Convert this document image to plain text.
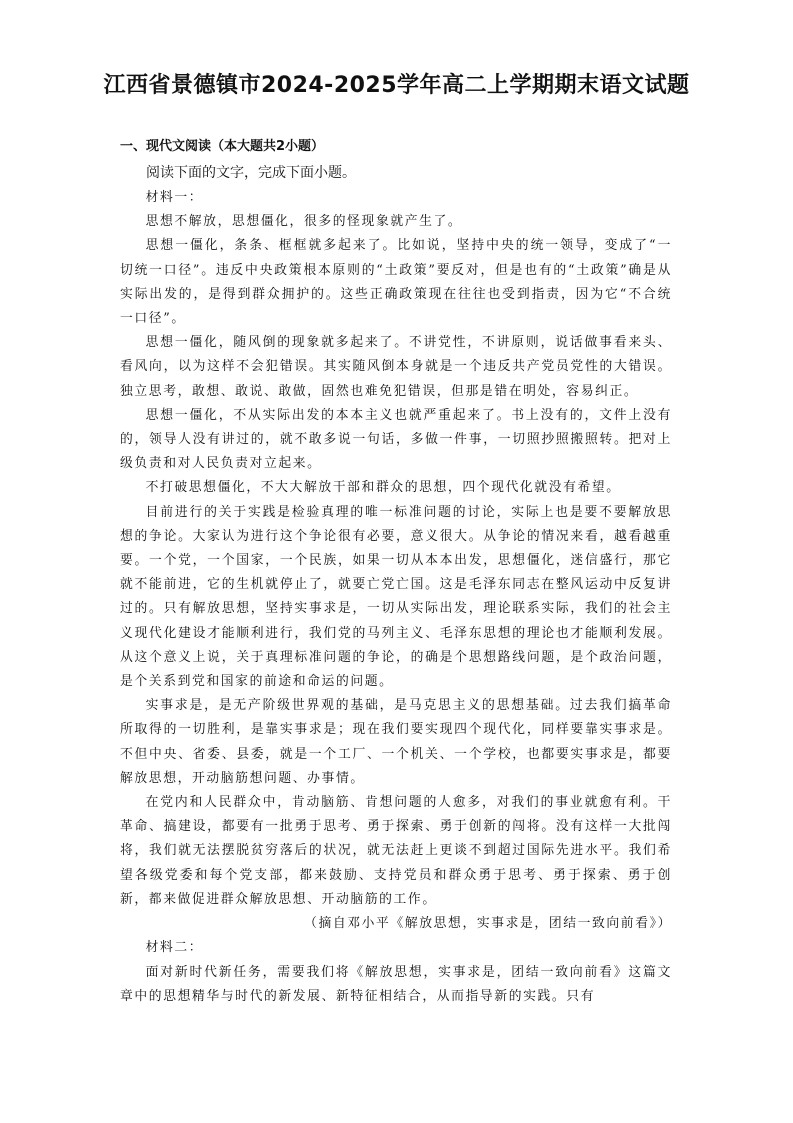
江西省景德镇市2024-2025学年高二上学期期末语文试题
一、现代文阅读（本大题共2小题）
阅读下面的文字，完成下面小题。

材料一：

思想不解放，思想僵化，很多的怪现象就产生了。

思想一僵化，条条、框框就多起来了。比如说，坚持中央的统一领导，变成了“一切统一口径”。违反中央政策根本原则的“土政策”要反对，但是也有的“土政策”确是从实际出发的，是得到群众拥护的。这些正确政策现在往往也受到指责，因为它“不合统一口径”。

思想一僵化，随风倒的现象就多起来了。不讲党性，不讲原则，说话做事看来头、看风向，以为这样不会犯错误。其实随风倒本身就是一个违反共产党员党性的大错误。独立思考，敢想、敢说、敢做，固然也难免犯错误，但那是错在明处，容易纠正。

思想一僵化，不从实际出发的本本主义也就严重起来了。书上没有的，文件上没有的，领导人没有讲过的，就不敢多说一句话，多做一件事，一切照抄照搬照转。把对上级负责和对人民负责对立起来。

不打破思想僵化，不大大解放干部和群众的思想，四个现代化就没有希望。

目前进行的关于实践是检验真理的唯一标准问题的讨论，实际上也是要不要解放思想的争论。大家认为进行这个争论很有必要，意义很大。从争论的情况来看，越看越重要。一个党，一个国家，一个民族，如果一切从本本出发，思想僵化，迷信盛行，那它就不能前进，它的生机就停止了，就要亡党亡国。这是毛泽东同志在整风运动中反复讲过的。只有解放思想，坚持实事求是，一切从实际出发，理论联系实际，我们的社会主义现代化建设才能顺利进行，我们党的马列主义、毛泽东思想的理论也才能顺利发展。从这个意义上说，关于真理标准问题的争论，的确是个思想路线问题，是个政治问题，是个关系到党和国家的前途和命运的问题。

实事求是，是无产阶级世界观的基础，是马克思主义的思想基础。过去我们搞革命所取得的一切胜利，是靠实事求是；现在我们要实现四个现代化，同样要靠实事求是。不但中央、省委、县委，就是一个工厂、一个机关、一个学校，也都要实事求是，都要解放思想，开动脑筋想问题、办事情。

在党内和人民群众中，肯动脑筋、肯想问题的人愈多，对我们的事业就愈有利。干革命、搞建设，都要有一批勇于思考、勇于探索、勇于创新的闯将。没有这样一大批闯将，我们就无法摆脱贫穷落后的状况，就无法赶上更谈不到超过国际先进水平。我们希望各级党委和每个党支部，都来鼓励、支持党员和群众勇于思考、勇于探索、勇于创新，都来做促进群众解放思想、开动脑筋的工作。

（摘自邓小平《解放思想，实事求是，团结一致向前看》）

材料二：

面对新时代新任务，需要我们将《解放思想，实事求是，团结一致向前看》这篇文章中的思想精华与时代的新发展、新特征相结合，从而指导新的实践。只有
